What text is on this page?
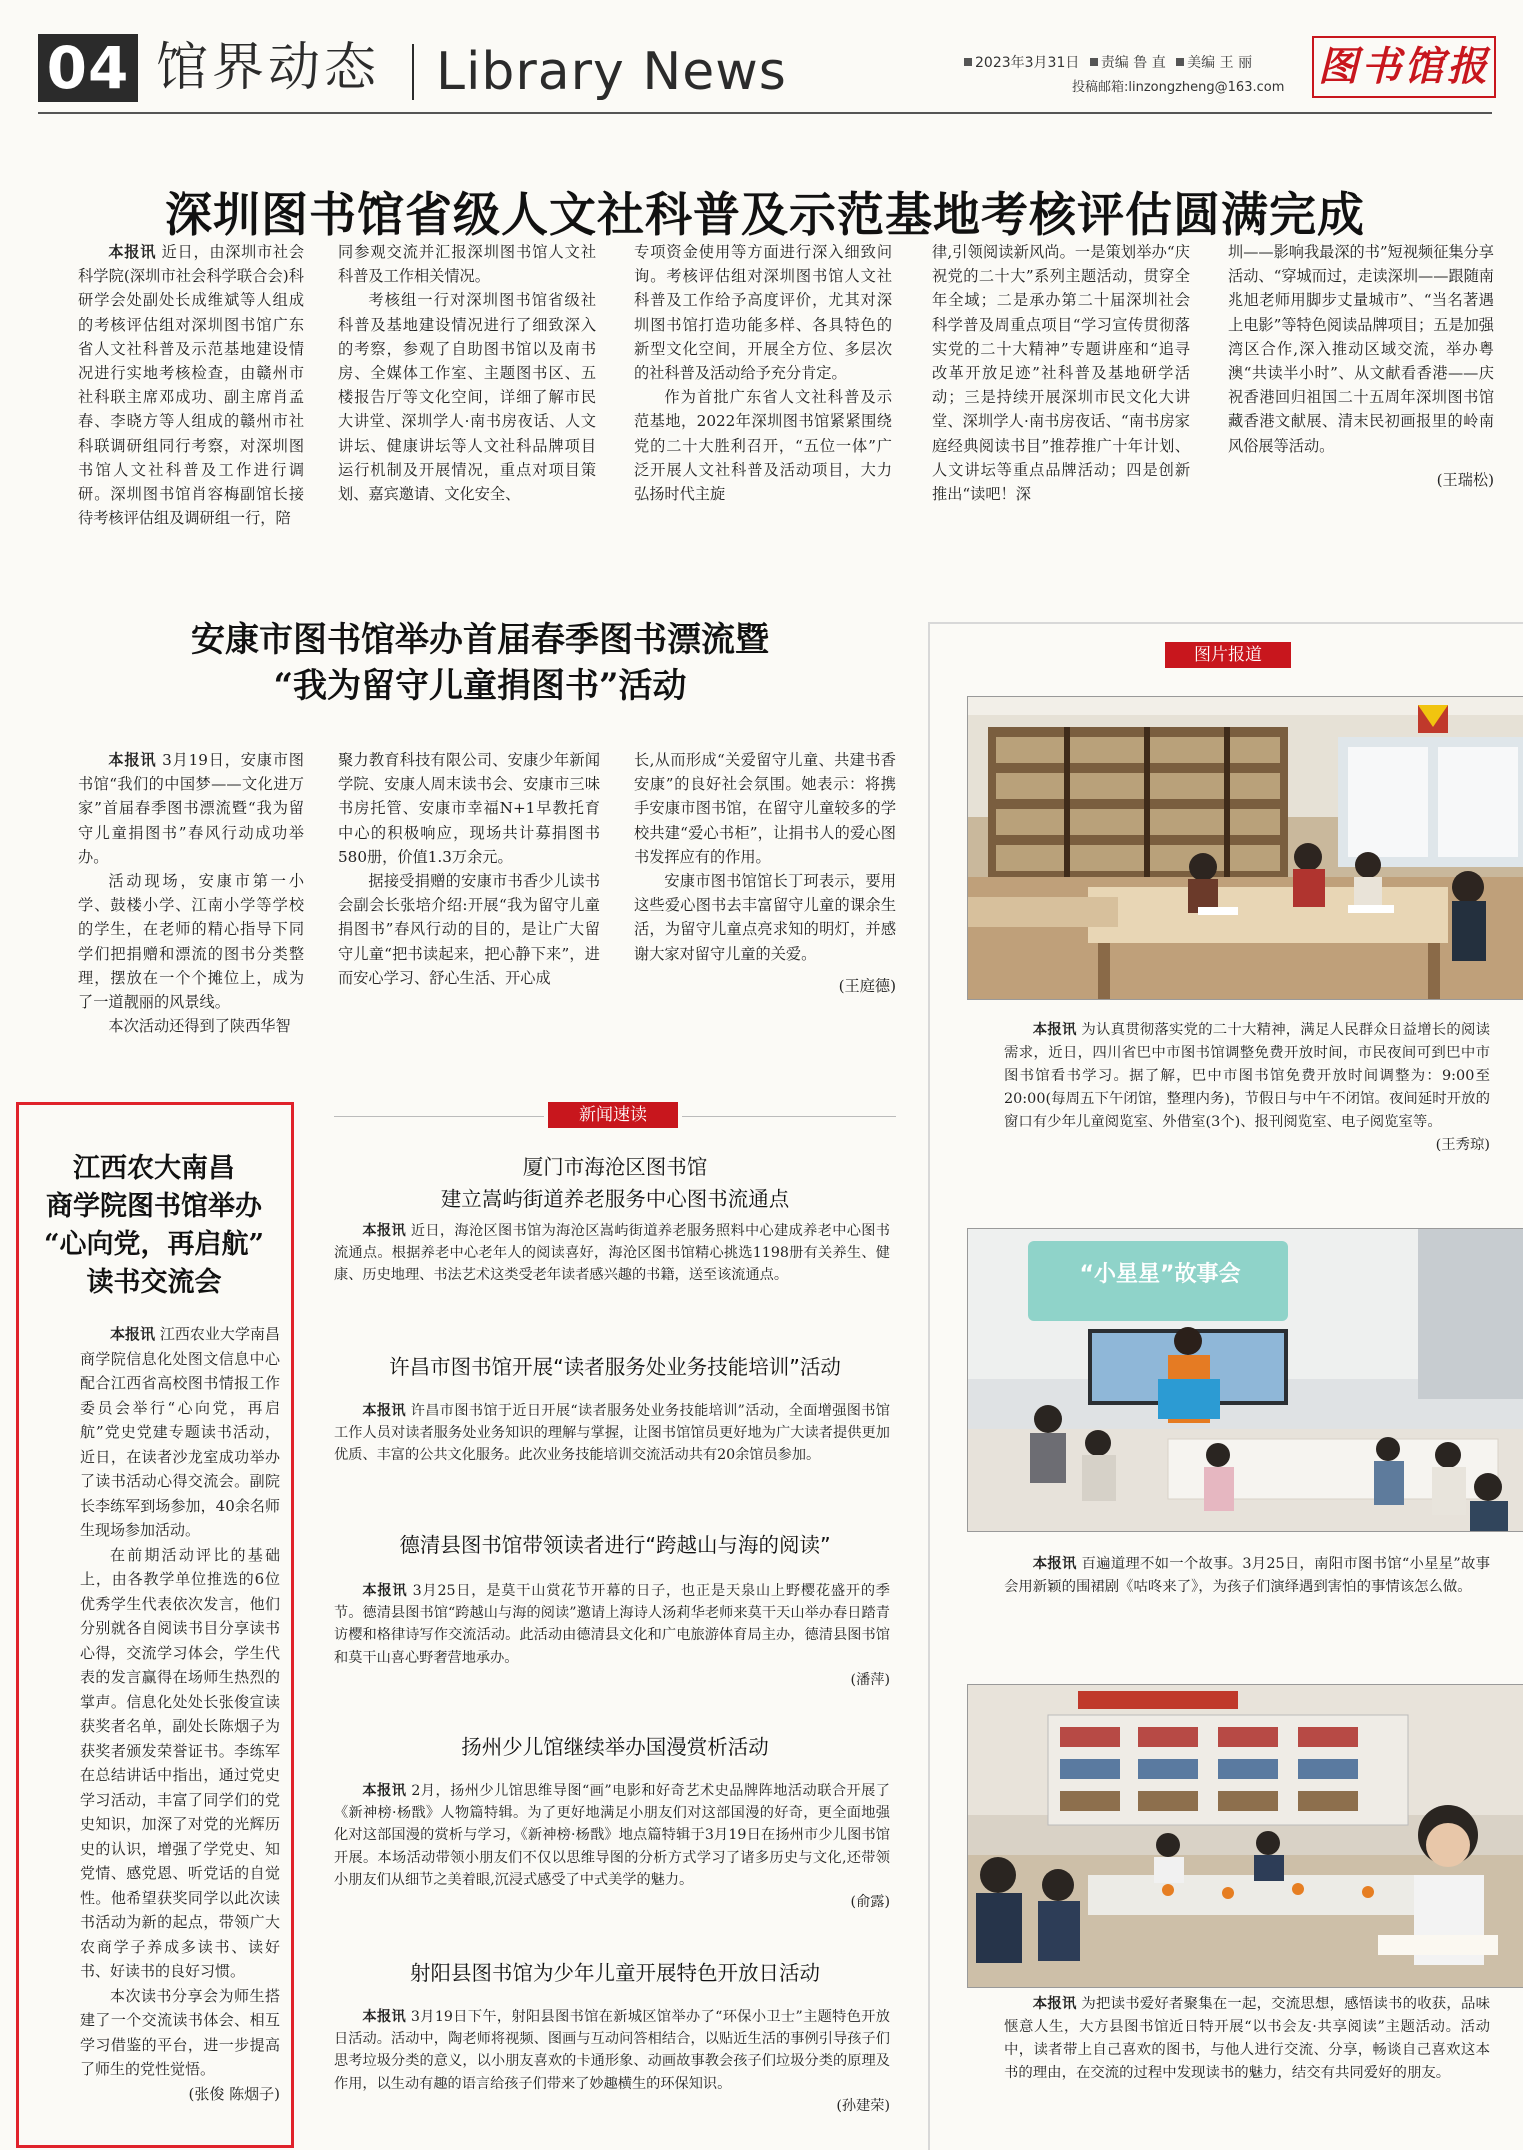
04 馆界动态 Library News	2023年3月31日 责编 鲁 直 美编 王 丽
投稿邮箱:linzongzheng@163.com 图书馆报
深圳图书馆省级人文社科普及示范基地考核评估圆满完成

本报讯 近日，由深圳市社会科学院(深圳市社会科学联合会)科研学会处副处长成维斌等人组成的考核评估组对深圳图书馆广东省人文社科普及示范基地建设情况进行实地考核检查，由赣州市社科联主席邓成功、副主席肖孟春、李晓方等人组成的赣州市社科联调研组同行考察，对深圳图书馆人文社科普及工作进行调研。深圳图书馆肖容梅副馆长接待考核评估组及调研组一行，陪

同参观交流并汇报深圳图书馆人文社科普及工作相关情况。

考核组一行对深圳图书馆省级社科普及基地建设情况进行了细致深入的考察，参观了自助图书馆以及南书房、全媒体工作室、主题图书区、五楼报告厅等文化空间，详细了解市民大讲堂、深圳学人·南书房夜话、人文讲坛、健康讲坛等人文社科品牌项目运行机制及开展情况，重点对项目策划、嘉宾邀请、文化安全、

专项资金使用等方面进行深入细致问询。考核评估组对深圳图书馆人文社科普及工作给予高度评价，尤其对深圳图书馆打造功能多样、各具特色的新型文化空间，开展全方位、多层次的社科普及活动给予充分肯定。

作为首批广东省人文社科普及示范基地，2022年深圳图书馆紧紧围绕党的二十大胜利召开，“五位一体”广泛开展人文社科普及活动项目，大力弘扬时代主旋

律,引领阅读新风尚。一是策划举办“庆祝党的二十大”系列主题活动，贯穿全年全域；二是承办第二十届深圳社会科学普及周重点项目“学习宣传贯彻落实党的二十大精神”专题讲座和“追寻改革开放足迹”社科普及基地研学活动；三是持续开展深圳市民文化大讲堂、深圳学人·南书房夜话、“南书房家庭经典阅读书目”推荐推广十年计划、人文讲坛等重点品牌活动；四是创新推出“读吧！深

圳——影响我最深的书”短视频征集分享活动、“穿城而过，走读深圳——跟随南兆旭老师用脚步丈量城市”、“当名著遇上电影”等特色阅读品牌项目；五是加强湾区合作,深入推动区域交流，举办粤澳“共读半小时”、从文献看香港——庆祝香港回归祖国二十五周年深圳图书馆藏香港文献展、清末民初画报里的岭南风俗展等活动。

(王瑞松)

安康市图书馆举办首届春季图书漂流暨
“我为留守儿童捐图书”活动

本报讯 3月19日，安康市图书馆“我们的中国梦——文化进万家”首届春季图书漂流暨“我为留守儿童捐图书”春风行动成功举办。

活动现场，安康市第一小学、鼓楼小学、江南小学等学校的学生，在老师的精心指导下同学们把捐赠和漂流的图书分类整理，摆放在一个个摊位上，成为了一道靓丽的风景线。

本次活动还得到了陕西华智

聚力教育科技有限公司、安康少年新闻学院、安康人周末读书会、安康市三味书房托管、安康市幸福N+1早教托育中心的积极响应，现场共计募捐图书580册，价值1.3万余元。

据接受捐赠的安康市书香少儿读书会副会长张培介绍:开展“我为留守儿童捐图书”春风行动的目的，是让广大留守儿童“把书读起来，把心静下来”，进而安心学习、舒心生活、开心成

长,从而形成“关爱留守儿童、共建书香安康”的良好社会氛围。她表示：将携手安康市图书馆，在留守儿童较多的学校共建“爱心书柜”，让捐书人的爱心图书发挥应有的作用。

安康市图书馆馆长丁珂表示，要用这些爱心图书去丰富留守儿童的课余生活，为留守儿童点亮求知的明灯，并感谢大家对留守儿童的关爱。

(王庭德)

图片报道

本报讯 为认真贯彻落实党的二十大精神，满足人民群众日益增长的阅读需求，近日，四川省巴中市图书馆调整免费开放时间，市民夜间可到巴中市图书馆看书学习。据了解，巴中市图书馆免费开放时间调整为：9:00至20:00(每周五下午闭馆，整理内务)，节假日与中午不闭馆。夜间延时开放的窗口有少年儿童阅览室、外借室(3个)、报刊阅览室、电子阅览室等。

(王秀琼)

“小星星”故事会

本报讯 百遍道理不如一个故事。3月25日，南阳市图书馆“小星星”故事会用新颖的围裙剧《咕咚来了》，为孩子们演绎遇到害怕的事情该怎么做。

本报讯 为把读书爱好者聚集在一起，交流思想，感悟读书的收获，品味惬意人生，大方县图书馆近日特开展“以书会友·共享阅读”主题活动。活动中，读者带上自己喜欢的图书，与他人进行交流、分享，畅谈自己喜欢这本书的理由，在交流的过程中发现读书的魅力，结交有共同爱好的朋友。

江西农大南昌
商学院图书馆举办
“心向党，再启航”
读书交流会

本报讯 江西农业大学南昌商学院信息化处图文信息中心配合江西省高校图书情报工作委员会举行“心向党，再启航”党史党建专题读书活动，近日，在读者沙龙室成功举办了读书活动心得交流会。副院长李练军到场参加，40余名师生现场参加活动。

在前期活动评比的基础上，由各教学单位推选的6位优秀学生代表依次发言，他们分别就各自阅读书目分享读书心得，交流学习体会，学生代表的发言赢得在场师生热烈的掌声。信息化处处长张俊宣读获奖者名单，副处长陈烟子为获奖者颁发荣誉证书。李练军在总结讲话中指出，通过党史学习活动，丰富了同学们的党史知识，加深了对党的光辉历史的认识，增强了学党史、知党情、感党恩、听党话的自觉性。他希望获奖同学以此次读书活动为新的起点，带领广大农商学子养成多读书、读好书、好读书的良好习惯。

本次读书分享会为师生搭建了一个交流读书体会、相互学习借鉴的平台，进一步提高了师生的党性觉悟。

(张俊 陈烟子)

新闻速读
厦门市海沧区图书馆
建立嵩屿街道养老服务中心图书流通点

本报讯 近日，海沧区图书馆为海沧区嵩屿街道养老服务照料中心建成养老中心图书流通点。根据养老中心老年人的阅读喜好，海沧区图书馆精心挑选1198册有关养生、健康、历史地理、书法艺术这类受老年读者感兴趣的书籍，送至该流通点。

许昌市图书馆开展“读者服务处业务技能培训”活动

本报讯 许昌市图书馆于近日开展“读者服务处业务技能培训”活动，全面增强图书馆工作人员对读者服务处业务知识的理解与掌握，让图书馆馆员更好地为广大读者提供更加优质、丰富的公共文化服务。此次业务技能培训交流活动共有20余馆员参加。

德清县图书馆带领读者进行“跨越山与海的阅读”

本报讯 3月25日，是莫干山赏花节开幕的日子，也正是天泉山上野樱花盛开的季节。德清县图书馆“跨越山与海的阅读”邀请上海诗人汤莉华老师来莫干天山举办春日踏青访樱和格律诗写作交流活动。此活动由德清县文化和广电旅游体育局主办，德清县图书馆和莫干山喜心野奢营地承办。

(潘萍)

扬州少儿馆继续举办国漫赏析活动

本报讯 2月，扬州少儿馆思维导图“画”电影和好奇艺术史品牌阵地活动联合开展了《新神榜·杨戬》人物篇特辑。为了更好地满足小朋友们对这部国漫的好奇，更全面地强化对这部国漫的赏析与学习，《新神榜·杨戬》地点篇特辑于3月19日在扬州市少儿图书馆开展。本场活动带领小朋友们不仅以思维导图的分析方式学习了诸多历史与文化,还带领小朋友们从细节之美着眼,沉浸式感受了中式美学的魅力。

(俞露)

射阳县图书馆为少年儿童开展特色开放日活动

本报讯 3月19日下午，射阳县图书馆在新城区馆举办了“环保小卫士”主题特色开放日活动。活动中，陶老师将视频、图画与互动问答相结合，以贴近生活的事例引导孩子们思考垃圾分类的意义，以小朋友喜欢的卡通形象、动画故事教会孩子们垃圾分类的原理及作用，以生动有趣的语言给孩子们带来了妙趣横生的环保知识。

(孙建荣)
